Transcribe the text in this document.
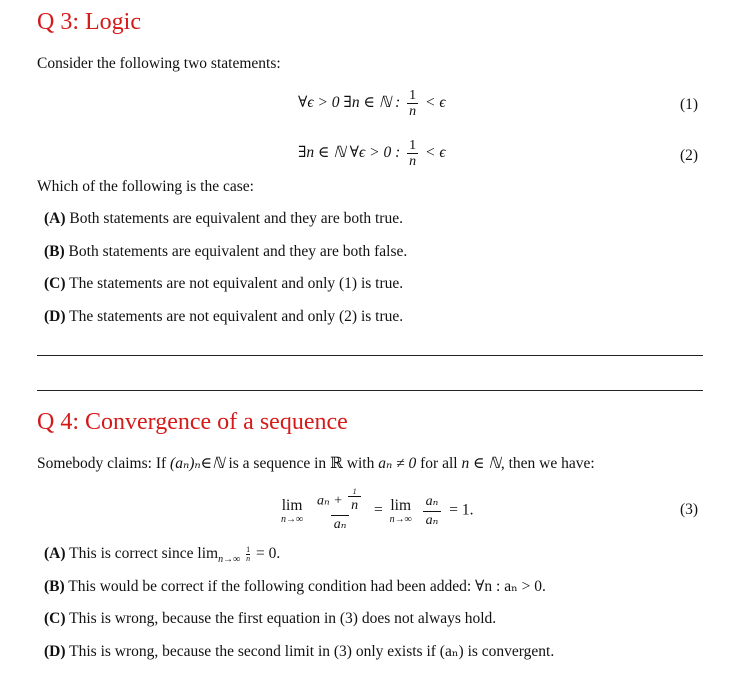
Q 3: Logic
Consider the following two statements:
∀ϵ > 0 ∃n ∈ ℕ : $\frac{1}{n} < \epsilon$	(1)
∃n ∈ ℕ ∀ϵ > 0 : $\frac{1}{n} < \epsilon$	(2)
Which of the following is the case:
(A) Both statements are equivalent and they are both true.
(B) Both statements are equivalent and they are both false.
(C) The statements are not equivalent and only (1) is true.
(D) The statements are not equivalent and only (2) is true.
Q 4: Convergence of a sequence
Somebody claims: If (aₙ)ₙ∈ℕ is a sequence in ℝ with aₙ ≠ 0 for all n ∈ ℕ, then we have:
lim
n→∞
aₙ +
1
n
aₙ = lim
n→∞
$\frac{\text{aₙ}}{\text{aₙ}} = 1$.	(3)
(A) This is correct since $\lim_{n\to\infty} \frac{1}{n} = 0$.
(B) This would be correct if the following condition had been added: ∀n : aₙ > 0.
(C) This is wrong, because the first equation in (3) does not always hold.
(D) This is wrong, because the second limit in (3) only exists if (aₙ) is convergent.
